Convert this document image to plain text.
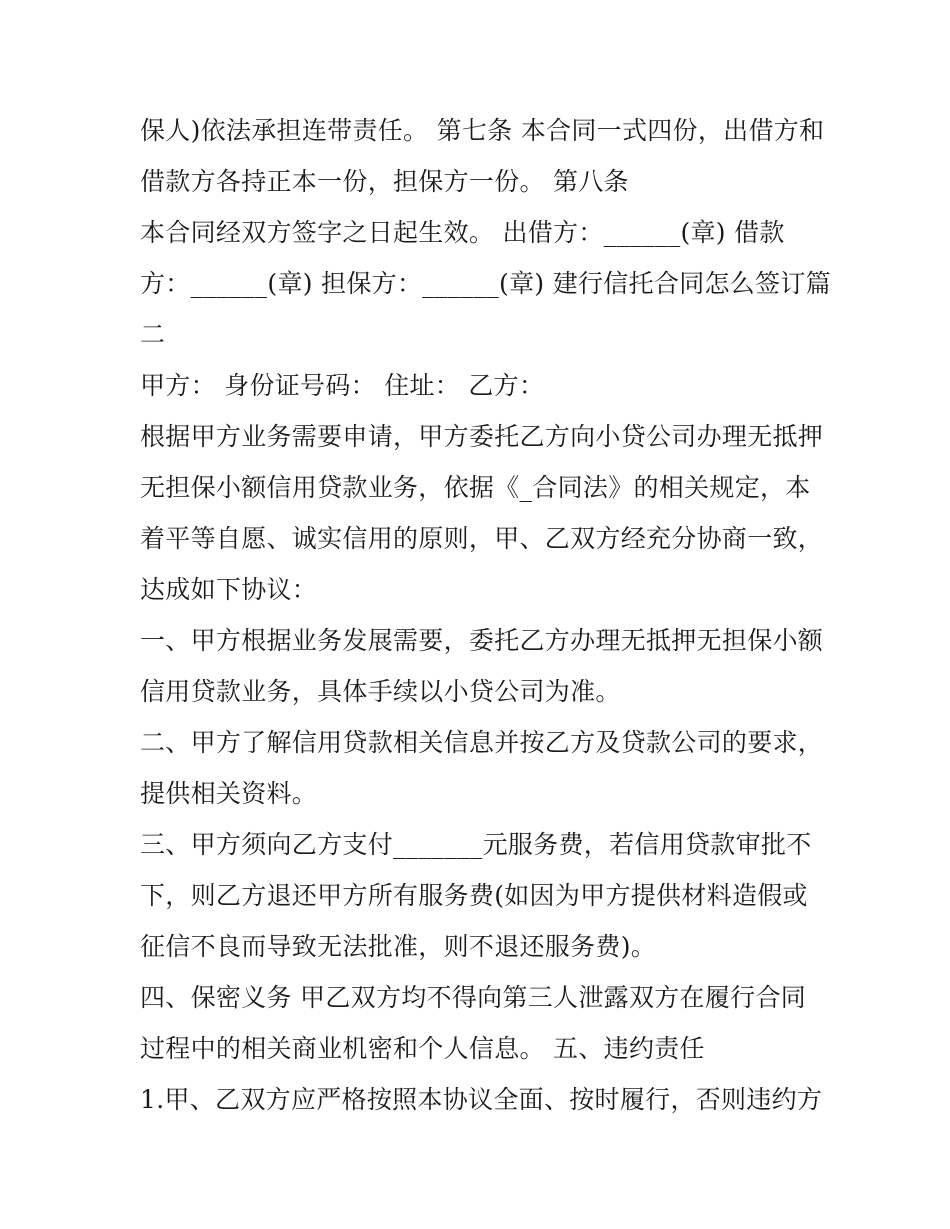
保人)依法承担连带责任。 第七条 本合同一式四份，出借方和
借款方各持正本一份，担保方一份。 第八条
本合同经双方签字之日起生效。 出借方：______(章) 借款
方：______(章) 担保方：______(章) 建行信托合同怎么签订篇
二
甲方： 身份证号码： 住址： 乙方：
根据甲方业务需要申请，甲方委托乙方向小贷公司办理无抵押
无担保小额信用贷款业务，依据《_合同法》的相关规定，本
着平等自愿、诚实信用的原则，甲、乙双方经充分协商一致，
达成如下协议：
一、甲方根据业务发展需要，委托乙方办理无抵押无担保小额
信用贷款业务，具体手续以小贷公司为准。
二、甲方了解信用贷款相关信息并按乙方及贷款公司的要求，
提供相关资料。
三、甲方须向乙方支付_______元服务费，若信用贷款审批不
下，则乙方退还甲方所有服务费(如因为甲方提供材料造假或
征信不良而导致无法批准，则不退还服务费)。
四、保密义务 甲乙双方均不得向第三人泄露双方在履行合同
过程中的相关商业机密和个人信息。 五、违约责任
1.甲、乙双方应严格按照本协议全面、按时履行，否则违约方
